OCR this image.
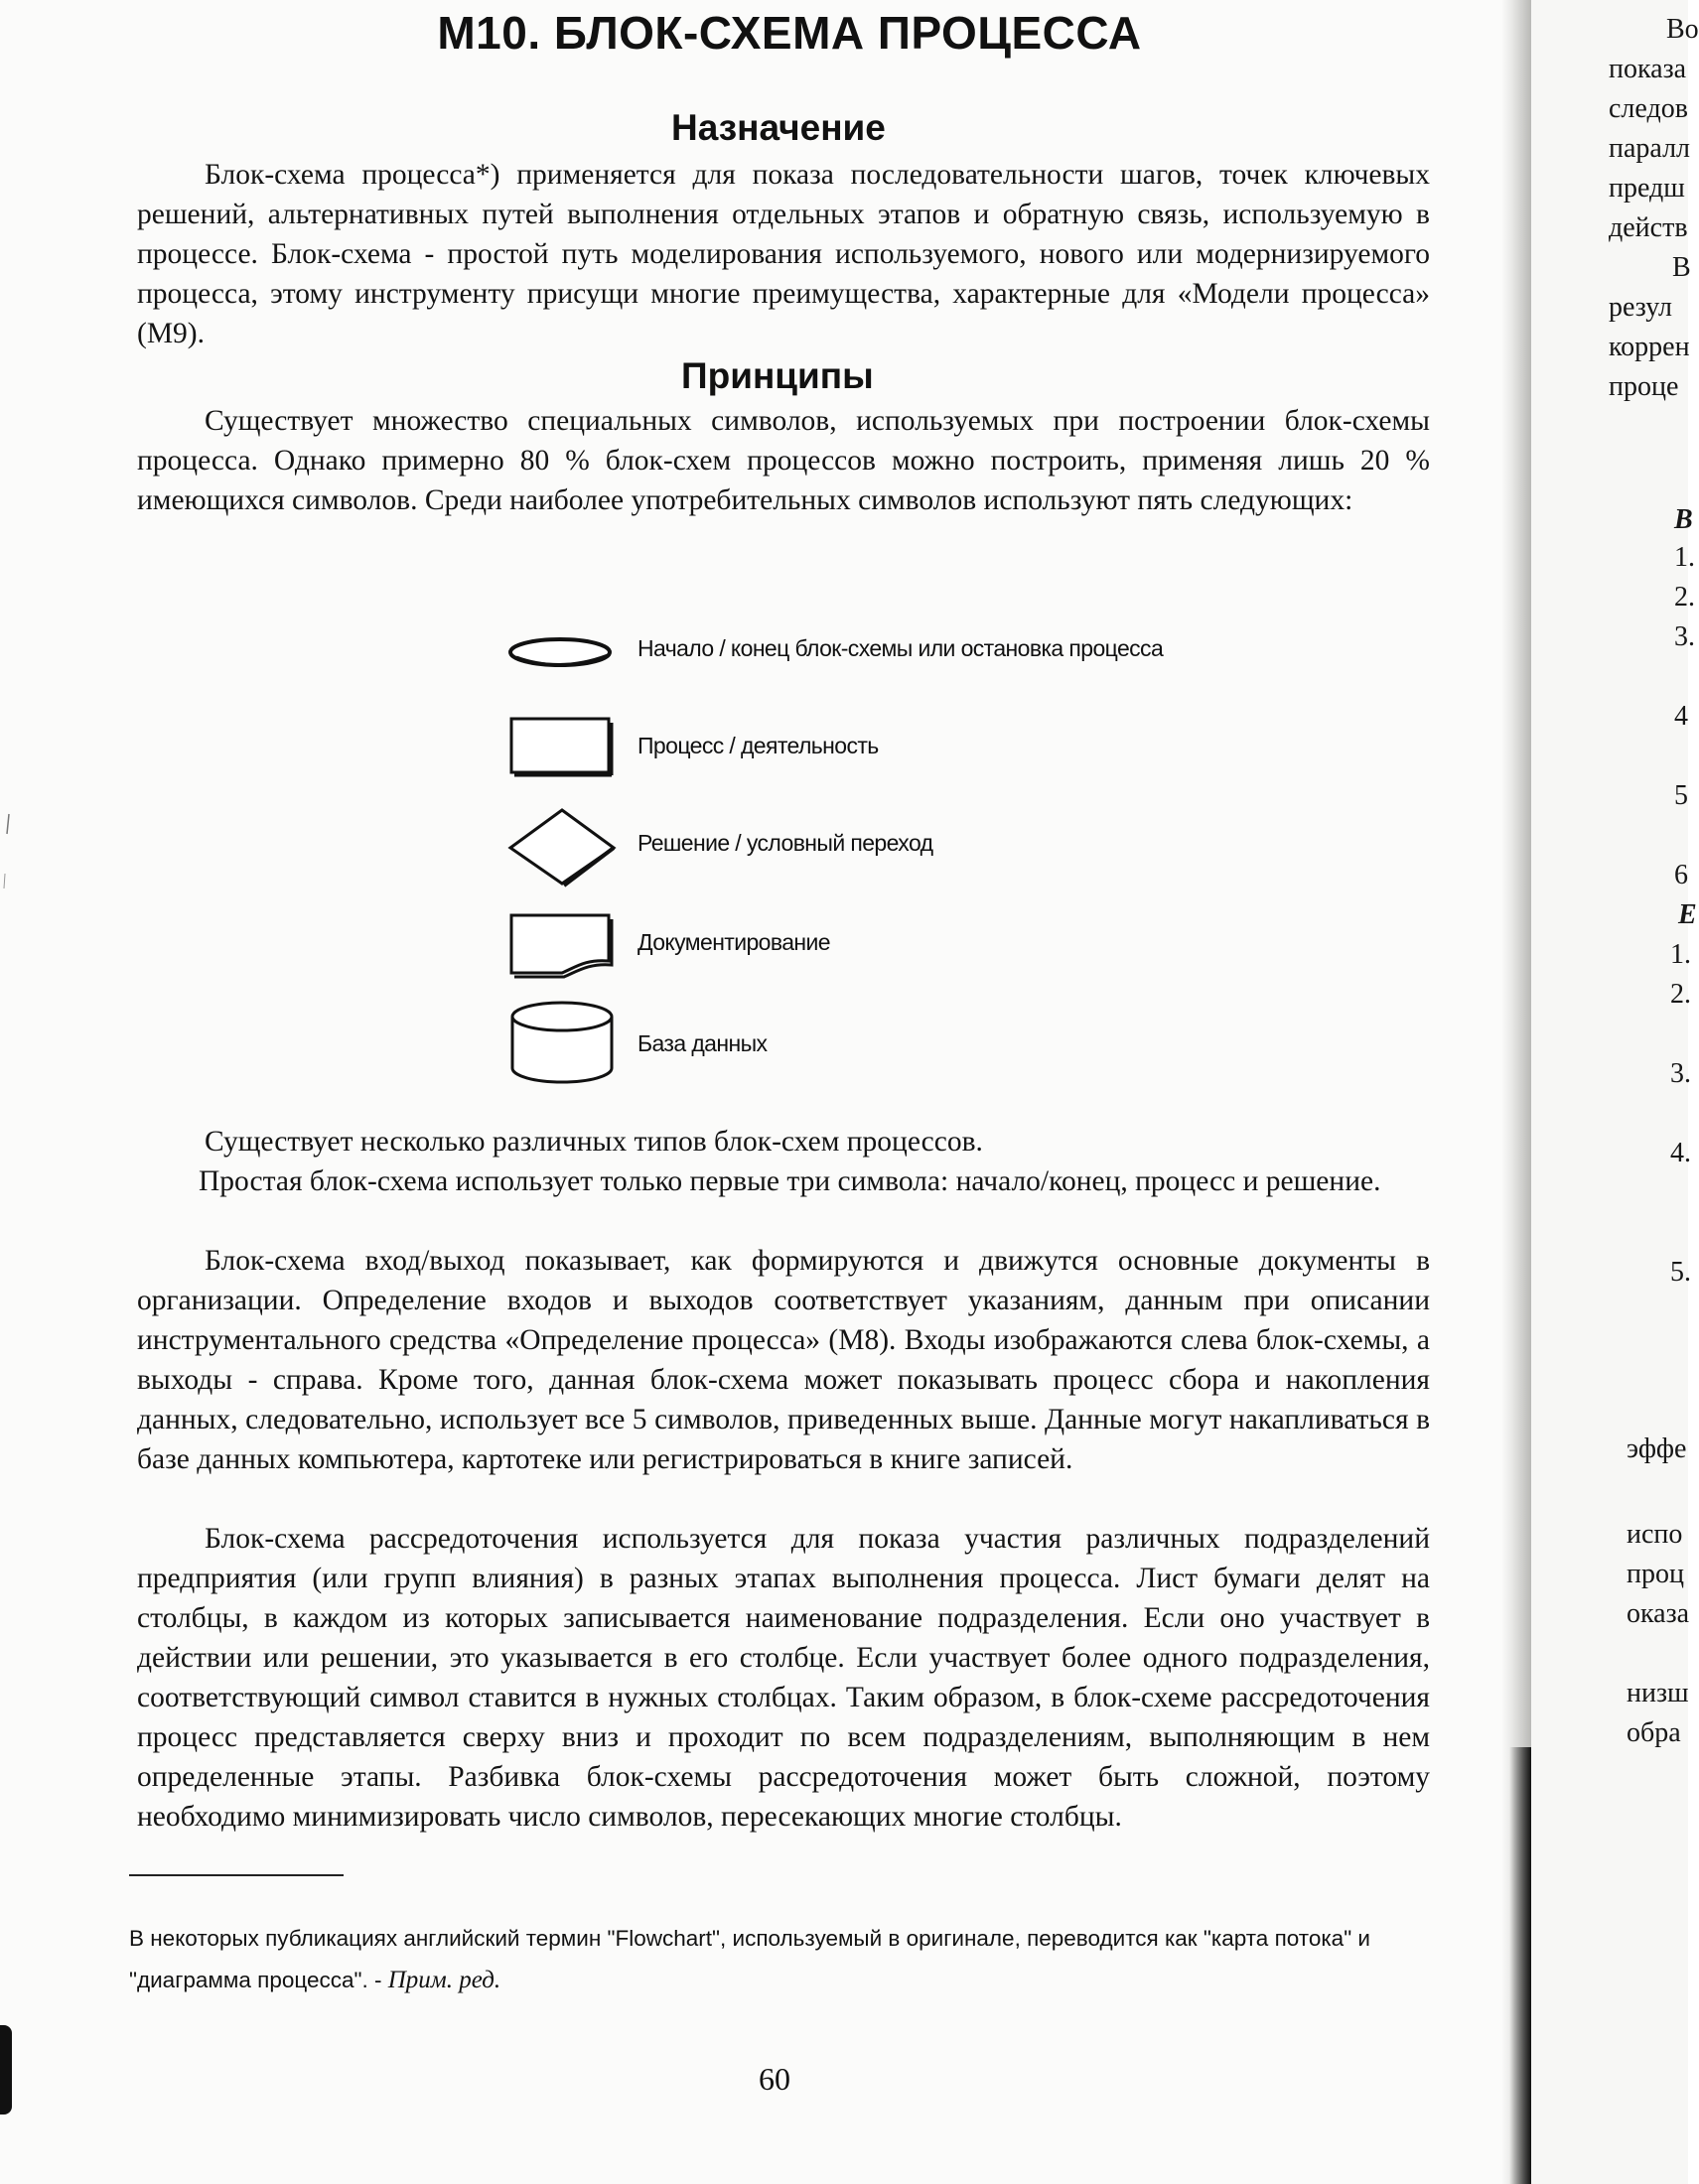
М10. БЛОК-СХЕМА ПРОЦЕССА
Назначение

Блок-схема процесса*) применяется для показа последовательности шагов, точек ключевых решений, альтернативных путей выполнения отдельных этапов и обратную связь, используемую в процессе. Блок-схема - простой путь моделирования используемого, нового или модернизируемого процесса, этому инструменту присущи многие преимущества, характерные для «Модели процесса» (М9).

Принципы

Существует множество специальных символов, используемых при построении блок-схемы процесса. Однако примерно 80 % блок-схем процессов можно построить, применяя лишь 20 % имеющихся символов. Среди наиболее употребительных символов используют пять следующих:

Начало / конец блок-схемы или остановка процесса
Процесс / деятельность
Решение / условный переход
Документирование
База данных

Существует несколько различных типов блок-схем процессов.

Простая блок-схема использует только первые три символа: начало/конец, процесс и решение.

Блок-схема вход/выход показывает, как формируются и движутся основные документы в организации. Определение входов и выходов соответствует указаниям, данным при описании инструментального средства «Определение процесса» (М8). Входы изображаются слева блок-схемы, а выходы - справа. Кроме того, данная блок-схема может показывать процесс сбора и накопления данных, следовательно, использует все 5 символов, приведенных выше. Данные могут накапливаться в базе данных компьютера, картотеке или регистрироваться в книге записей.

Блок-схема рассредоточения используется для показа участия различных подразделений предприятия (или групп влияния) в разных этапах выполнения процесса. Лист бумаги делят на столбцы, в каждом из которых записывается наименование подразделения. Если оно участвует в действии или решении, это указывается в его столбце. Если участвует более одного подразделения, соответствующий символ ставится в нужных столбцах. Таким образом, в блок-схеме рассредоточения процесс представляется сверху вниз и проходит по всем подразделениям, выполняющим в нем определенные этапы. Разбивка блок-схемы рассредоточения может быть сложной, поэтому необходимо минимизировать число символов, пересекающих многие столбцы.

В некоторых публикациях английский термин "Flowchart", используемый в оригинале, переводится как "карта потока" и "диаграмма процесса". - Прим. ред.

60
Во
показа
следов
паралл
предш
действ
В
резул
коррен
проце
В
1.
2.
3.
4
5
6
Е
1.
2.
3.
4.
5.
эффе
испо
проц
оказа
низш
обра
